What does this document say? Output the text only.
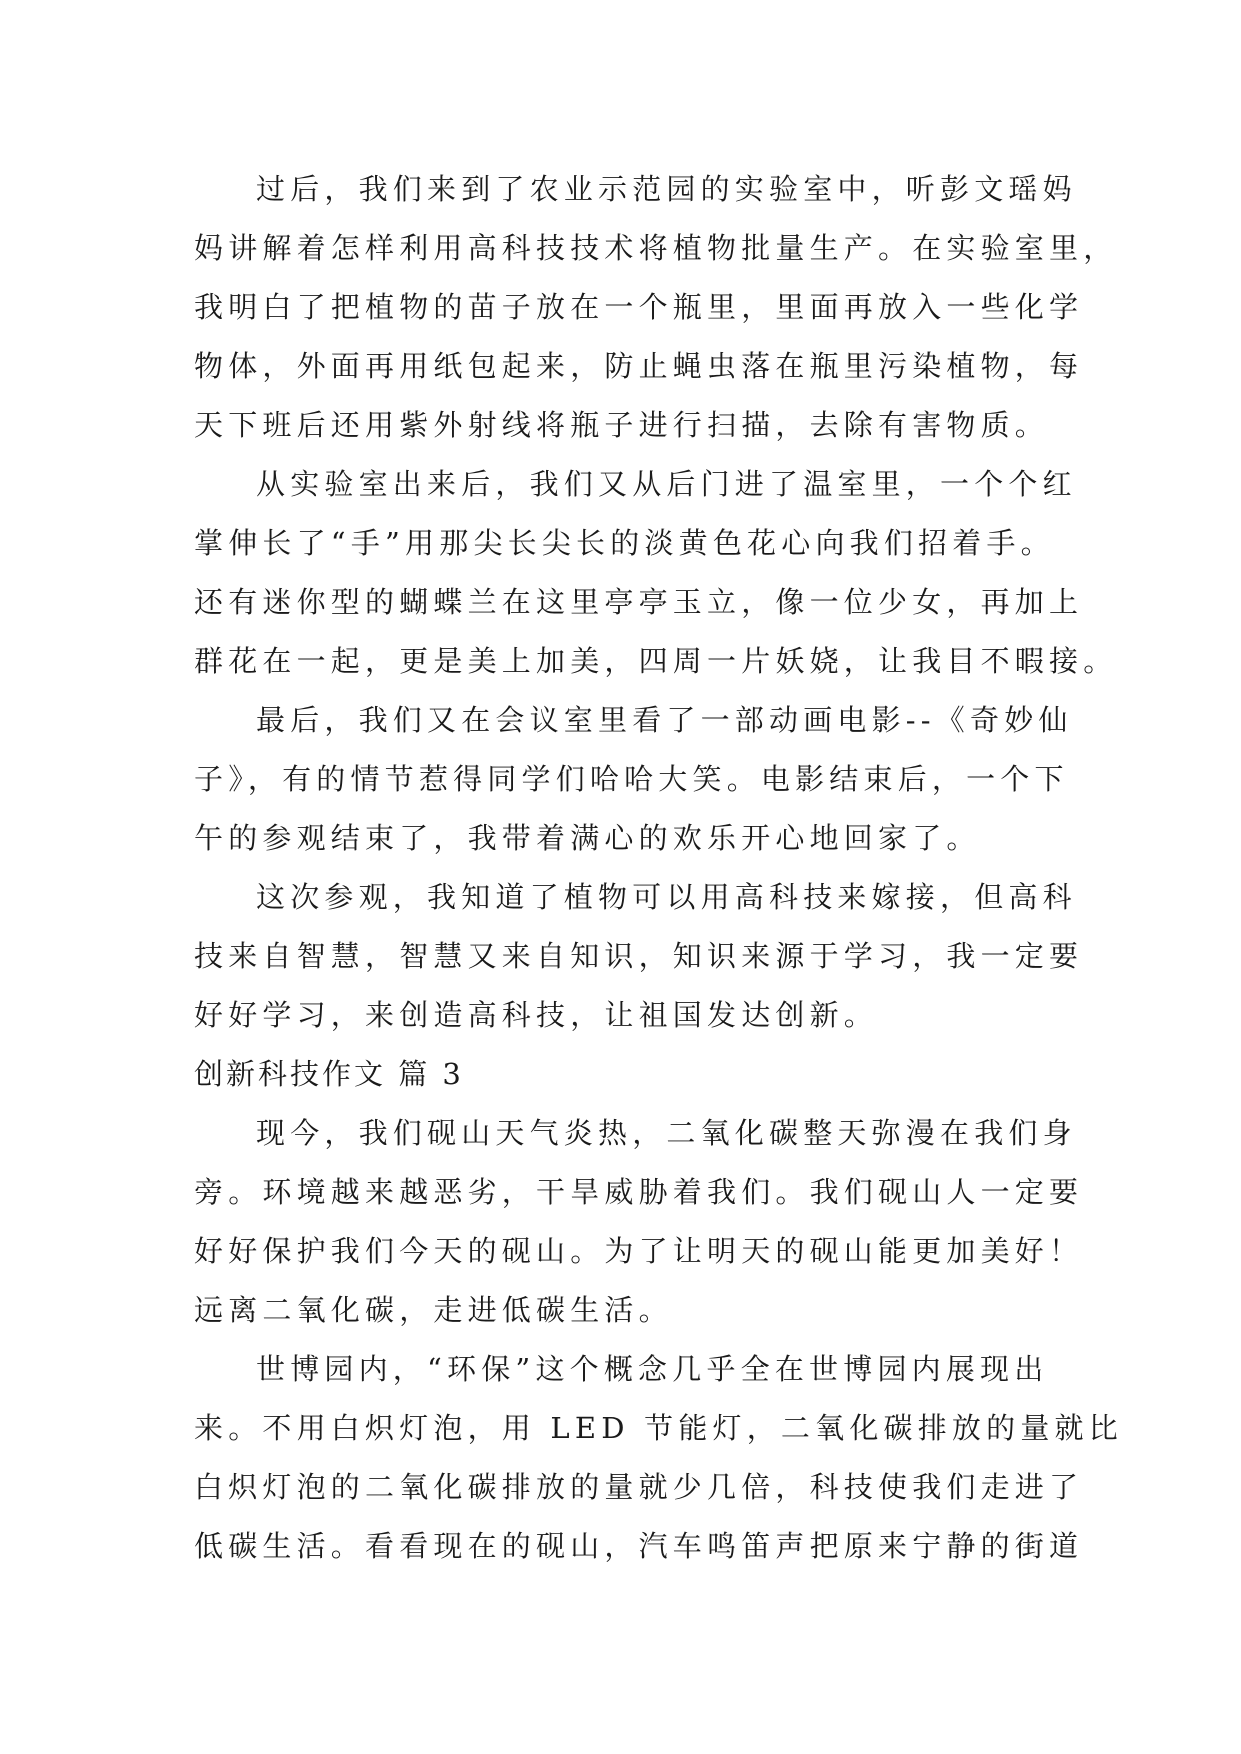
过后，我们来到了农业示范园的实验室中，听彭文瑶妈
妈讲解着怎样利用高科技技术将植物批量生产。在实验室里，
我明白了把植物的苗子放在一个瓶里，里面再放入一些化学
物体，外面再用纸包起来，防止蝇虫落在瓶里污染植物，每
天下班后还用紫外射线将瓶子进行扫描，去除有害物质。
从实验室出来后，我们又从后门进了温室里，一个个红
掌伸长了“手”用那尖长尖长的淡黄色花心向我们招着手。
还有迷你型的蝴蝶兰在这里亭亭玉立，像一位少女，再加上
群花在一起，更是美上加美，四周一片妖娆，让我目不暇接。
最后，我们又在会议室里看了一部动画电影--《奇妙仙
子》，有的情节惹得同学们哈哈大笑。电影结束后，一个下
午的参观结束了，我带着满心的欢乐开心地回家了。
这次参观，我知道了植物可以用高科技来嫁接，但高科
技来自智慧，智慧又来自知识，知识来源于学习，我一定要
好好学习，来创造高科技，让祖国发达创新。
创新科技作文 篇 3
现今，我们砚山天气炎热，二氧化碳整天弥漫在我们身
旁。环境越来越恶劣，干旱威胁着我们。我们砚山人一定要
好好保护我们今天的砚山。为了让明天的砚山能更加美好！
远离二氧化碳，走进低碳生活。
世博园内，“环保”这个概念几乎全在世博园内展现出
来。不用白炽灯泡，用 LED 节能灯，二氧化碳排放的量就比
白炽灯泡的二氧化碳排放的量就少几倍，科技使我们走进了
低碳生活。看看现在的砚山，汽车鸣笛声把原来宁静的街道
